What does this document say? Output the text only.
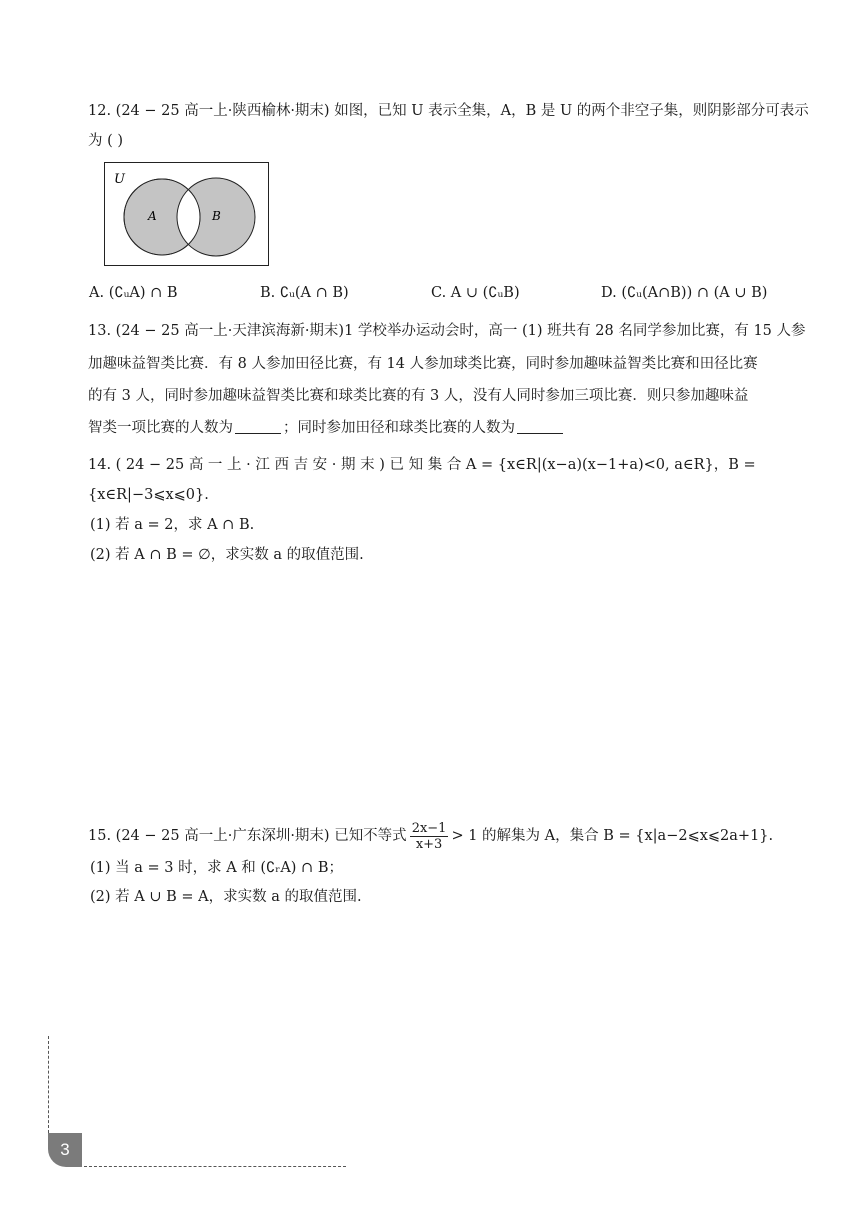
12. (24 − 25 高一上·陕西榆林·期末) 如图，已知 U 表示全集，A，B 是 U 的两个非空子集，则阴影部分可表示
为 ( )
U
A	B
A. (∁ᵤA) ∩ B	B. ∁ᵤ(A ∩ B)	C. A ∪ (∁ᵤB)	D. (∁ᵤ(A∩B)) ∩ (A ∪ B)
13. (24 − 25 高一上·天津滨海新·期末)1 学校举办运动会时，高一 (1) 班共有 28 名同学参加比赛，有 15 人参
加趣味益智类比赛．有 8 人参加田径比赛，有 14 人参加球类比赛，同时参加趣味益智类比赛和田径比赛
的有 3 人，同时参加趣味益智类比赛和球类比赛的有 3 人，没有人同时参加三项比赛．则只参加趣味益
智类一项比赛的人数为	；同时参加田径和球类比赛的人数为
14. ( 24 − 25 高 一 上 · 江 西 吉 安 · 期 末 ) 已 知 集 合 A = {x∈R|(x−a)(x−1+a)<0, a∈R}，B =
{x∈R|−3⩽x⩽0}.
(1) 若 a = 2，求 A ∩ B.
(2) 若 A ∩ B = ∅，求实数 a 的取值范围.
15. (24 − 25 高一上·广东深圳·期末) 已知不等式 $\frac{2x-1}{x+3} > 1$ 的解集为 A，集合 B = {x|a−2⩽x⩽2a+1}.
(1) 当 a = 3 时，求 A 和 (∁ᵣA) ∩ B；
(2) 若 A ∪ B = A，求实数 a 的取值范围.
3
